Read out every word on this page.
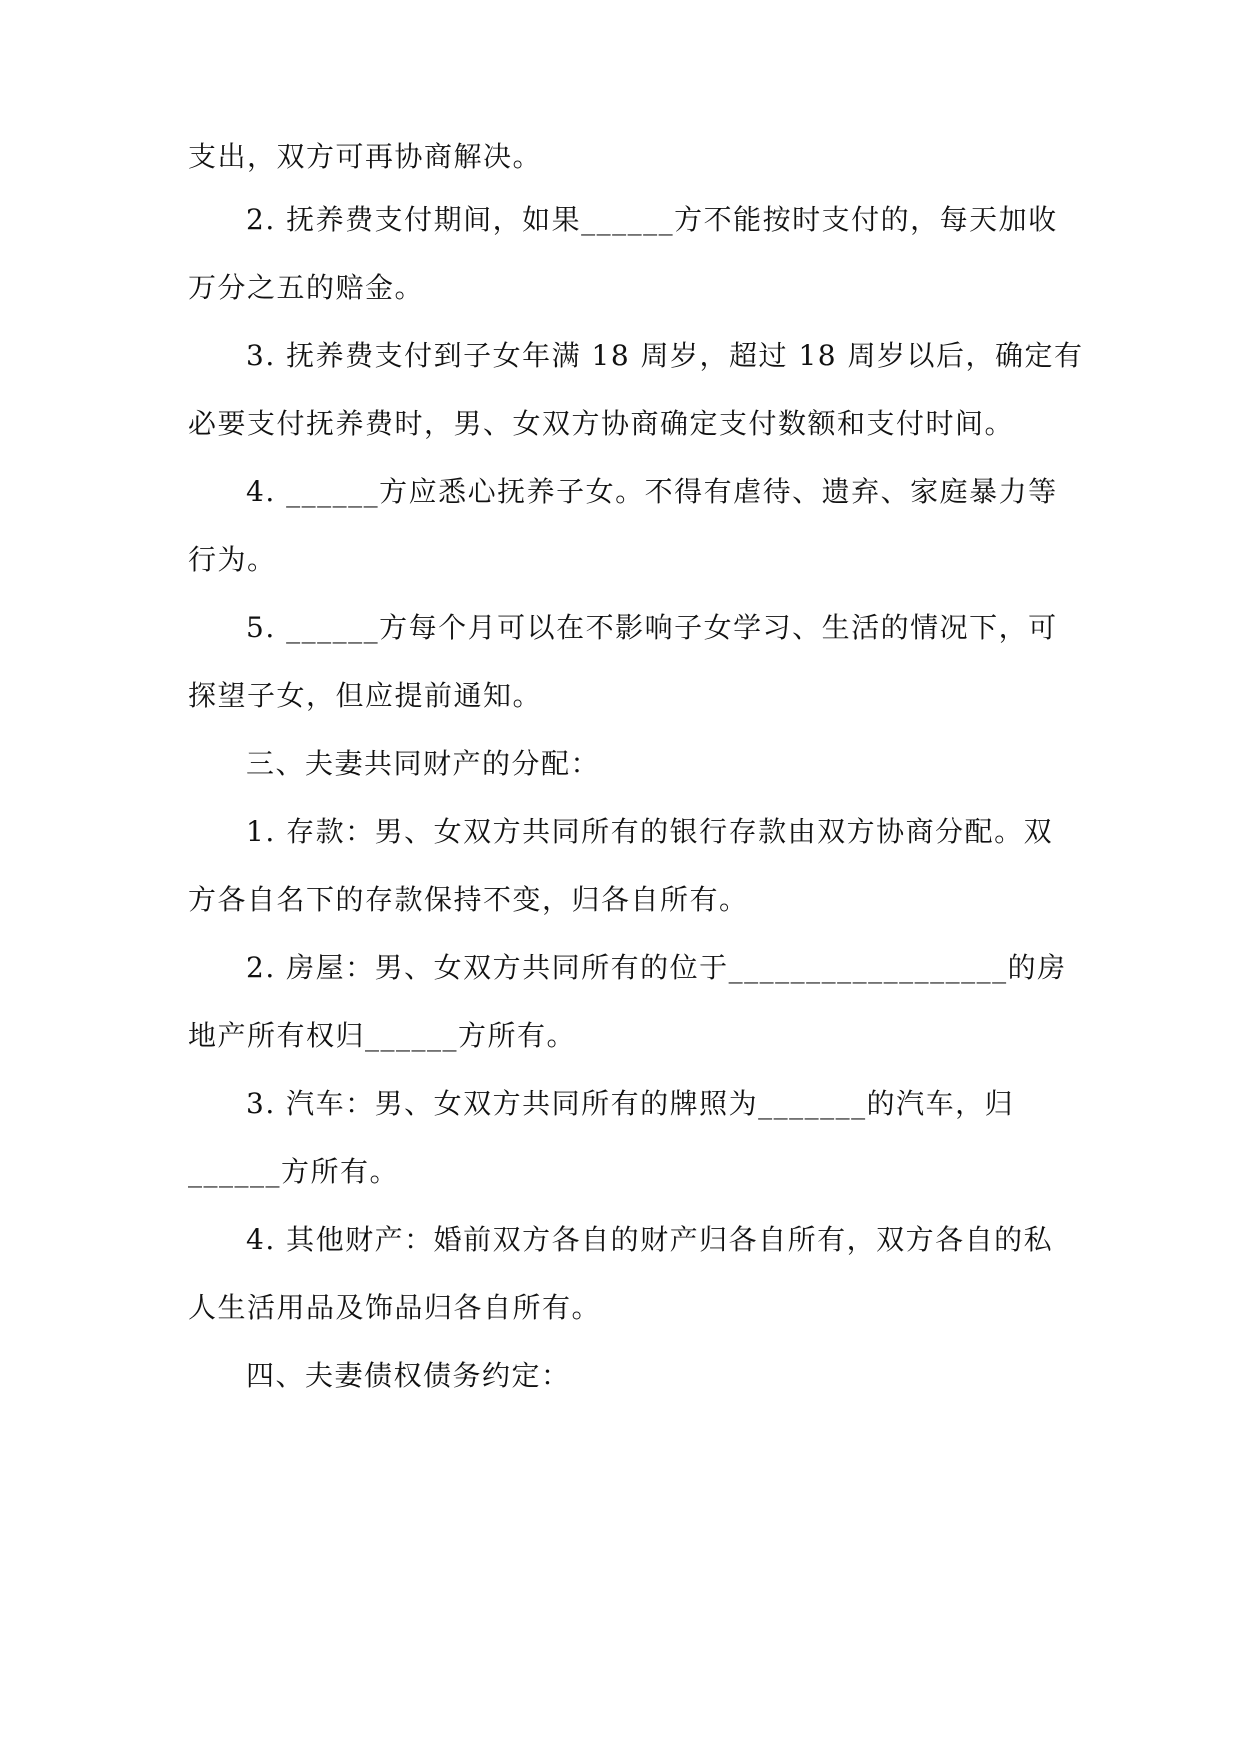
支出，双方可再协商解决。
2. 抚养费支付期间，如果______方不能按时支付的，每天加收
万分之五的赔金。
3. 抚养费支付到子女年满 18 周岁，超过 18 周岁以后，确定有
必要支付抚养费时，男、女双方协商确定支付数额和支付时间。
4. ______方应悉心抚养子女。不得有虐待、遗弃、家庭暴力等
行为。
5. ______方每个月可以在不影响子女学习、生活的情况下，可
探望子女，但应提前通知。
三、夫妻共同财产的分配：
1. 存款：男、女双方共同所有的银行存款由双方协商分配。双
方各自名下的存款保持不变，归各自所有。
2. 房屋：男、女双方共同所有的位于__________________的房
地产所有权归______方所有。
3. 汽车：男、女双方共同所有的牌照为_______的汽车，归
______方所有。
4. 其他财产：婚前双方各自的财产归各自所有，双方各自的私
人生活用品及饰品归各自所有。
四、夫妻债权债务约定：
